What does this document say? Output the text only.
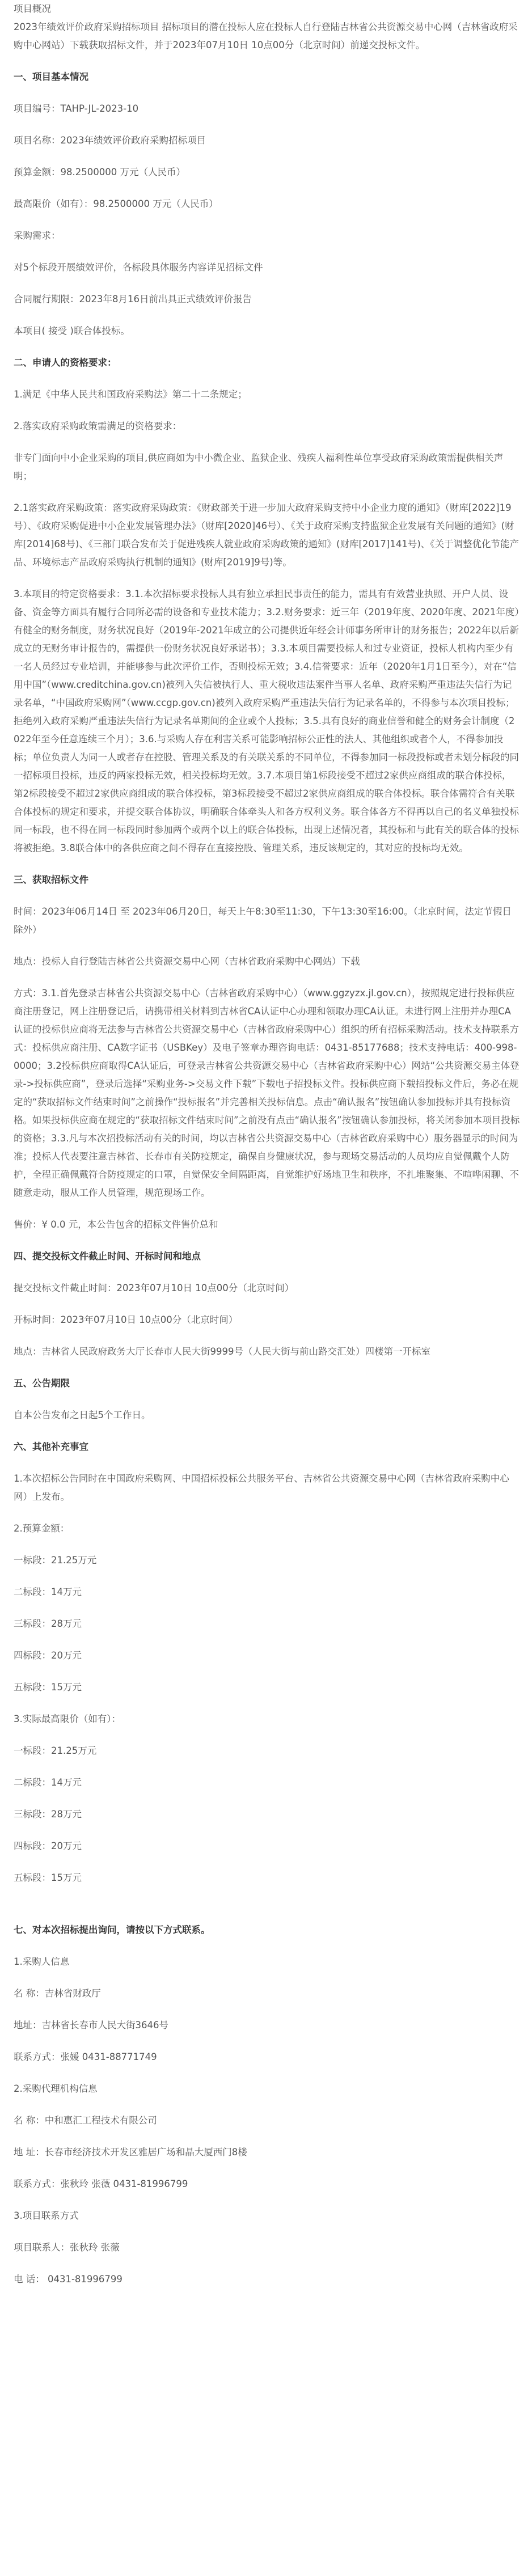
项目概况

2023年绩效评价政府采购招标项目 招标项目的潜在投标人应在投标人自行登陆吉林省公共资源交易中心网（吉林省政府采购中心网站）下载获取招标文件，并于2023年07月10日 10点00分（北京时间）前递交投标文件。

一、项目基本情况

项目编号：TAHP-JL-2023-10

项目名称：2023年绩效评价政府采购招标项目

预算金额：98.2500000 万元（人民币）

最高限价（如有）：98.2500000 万元（人民币）

采购需求：

对5个标段开展绩效评价，各标段具体服务内容详见招标文件

合同履行期限：2023年8月16日前出具正式绩效评价报告

本项目( 接受 )联合体投标。

二、申请人的资格要求：

1.满足《中华人民共和国政府采购法》第二十二条规定；

2.落实政府采购政策需满足的资格要求：

非专门面向中小企业采购的项目,供应商如为中小微企业、监狱企业、残疾人福利性单位享受政府采购政策需提供相关声明；

2.1落实政府采购政策：落实政府采购政策：《财政部关于进一步加大政府采购支持中小企业力度的通知》（财库[2022]19号）、《政府采购促进中小企业发展管理办法》（财库[2020]46号）、《关于政府采购支持监狱企业发展有关问题的通知》(财库[2014]68号)、《三部门联合发布关于促进残疾人就业政府采购政策的通知》(财库[2017]141号)、《关于调整优化节能产品、环境标志产品政府采购执行机制的通知》(财库[2019]9号)等。

3.本项目的特定资格要求：3.1.本次招标要求投标人具有独立承担民事责任的能力，需具有有效营业执照、开户人员、设备、资金等方面具有履行合同所必需的设备和专业技术能力；3.2.财务要求：近三年（2019年度、2020年度、2021年度）有健全的财务制度，财务状况良好（2019年-2021年成立的公司提供近年经会计师事务所审计的财务报告；2022年以后新成立的无财务审计报告的，需提供一份财务状况良好承诺书）；3.3.本项目需要投标人和过专业资证，投标人机构内至少有一名人员经过专业培训，并能够参与此次评价工作，否则投标无效；3.4.信誉要求：近年（2020年1月1日至今），对在“信用中国”（www.creditchina.gov.cn)被列入失信被执行人、重大税收违法案件当事人名单、政府采购严重违法失信行为记录名单，“中国政府采购网”（www.ccgp.gov.cn)被列入政府采购严重违法失信行为记录名单的，不得参与本次项目投标；拒绝列入政府采购严重违法失信行为记录名单期间的企业或个人投标；3.5.具有良好的商业信誉和健全的财务会计制度（2022年至今任意连续三个月）；3.6.与采购人存在利害关系可能影响招标公正性的法人、其他组织或者个人，不得参加投标；单位负责人为同一人或者存在控股、管理关系及的有关联关系的不同单位，不得参加同一标段投标或者未划分标段的同一招标项目投标，违反的两家投标无效，相关投标均无效。3.7.本项目第1标段接受不超过2家供应商组成的联合体投标，第2标段接受不超过2家供应商组成的联合体投标，第3标段接受不超过2家供应商组成的联合体投标。联合体需符合有关联合体投标的规定和要求，并提交联合体协议，明确联合体牵头人和各方权利义务。联合体各方不得再以自己的名义单独投标同一标段，也不得在同一标段同时参加两个或两个以上的联合体投标，出现上述情况者，其投标和与此有关的联合体的投标将被拒绝。3.8联合体中的各供应商之间不得存在直接控股、管理关系，违反该规定的，其对应的投标均无效。

三、获取招标文件

时间：2023年06月14日 至 2023年06月20日，每天上午8:30至11:30，下午13:30至16:00。（北京时间，法定节假日除外）

地点：投标人自行登陆吉林省公共资源交易中心网（吉林省政府采购中心网站）下载

方式：3.1.首先登录吉林省公共资源交易中心（吉林省政府采购中心）（www.ggzyzx.jl.gov.cn），按照规定进行投标供应商注册登记，网上注册登记后，请携带相关材料到吉林省CA认证中心办理和领取办理CA认证。未进行网上注册并办理CA认证的投标供应商将无法参与吉林省公共资源交易中心（吉林省政府采购中心）组织的所有招标采购活动。技术支持联系方式：投标供应商注册、CA数字证书（USBKey）及电子签章办理咨询电话：0431-85177688；技术支持电话：400-998-0000；3.2投标供应商取得CA认证后，可登录吉林省公共资源交易中心（吉林省政府采购中心）网站“公共资源交易主体登录->投标供应商”，登录后选择“采购业务->交易文件下载”下载电子招投标文件。投标供应商下载招投标文件后，务必在规定的“获取招标文件结束时间”之前操作“投标报名”并完善相关投标信息。点击“确认报名”按钮确认参加投标并具有投标资格。如果投标供应商在规定的“获取招标文件结束时间”之前没有点击“确认报名”按钮确认参加投标，将关闭参加本项目投标的资格；3.3.凡与本次招投标活动有关的时间，均以吉林省公共资源交易中心（吉林省政府采购中心）服务器显示的时间为准；投标人代表要注意吉林省、长春市有关防疫规定，确保自身健康状况，参与现场交易活动的人员均应自觉佩戴个人防护，全程正确佩戴符合防疫规定的口罩，自觉保安全间隔距离，自觉维护好场地卫生和秩序，不扎堆聚集、不喧哗闲聊、不随意走动，服从工作人员管理，规范现场工作。

售价：¥ 0.0 元，本公告包含的招标文件售价总和

四、提交投标文件截止时间、开标时间和地点

提交投标文件截止时间：2023年07月10日 10点00分（北京时间）

开标时间：2023年07月10日 10点00分（北京时间）

地点：吉林省人民政府政务大厅长春市人民大街9999号（人民大街与前山路交汇处）四楼第一开标室

五、公告期限

自本公告发布之日起5个工作日。

六、其他补充事宜

1.本次招标公告同时在中国政府采购网、中国招标投标公共服务平台、吉林省公共资源交易中心网（吉林省政府采购中心网）上发布。

2.预算金额：

一标段：21.25万元

二标段：14万元

三标段：28万元

四标段：20万元

五标段：15万元

3.实际最高限价（如有）：

一标段：21.25万元

二标段：14万元

三标段：28万元

四标段：20万元

五标段：15万元

七、对本次招标提出询问，请按以下方式联系。

1.采购人信息

名 称：吉林省财政厅

地址：吉林省长春市人民大街3646号

联系方式：张媛 0431-88771749

2.采购代理机构信息

名 称：中和惠汇工程技术有限公司

地 址：长春市经济技术开发区雅居广场和晶大厦西门8楼

联系方式：张秋玲 张薇 0431-81996799

3.项目联系方式

项目联系人：张秋玲 张薇

电 话： 0431-81996799
